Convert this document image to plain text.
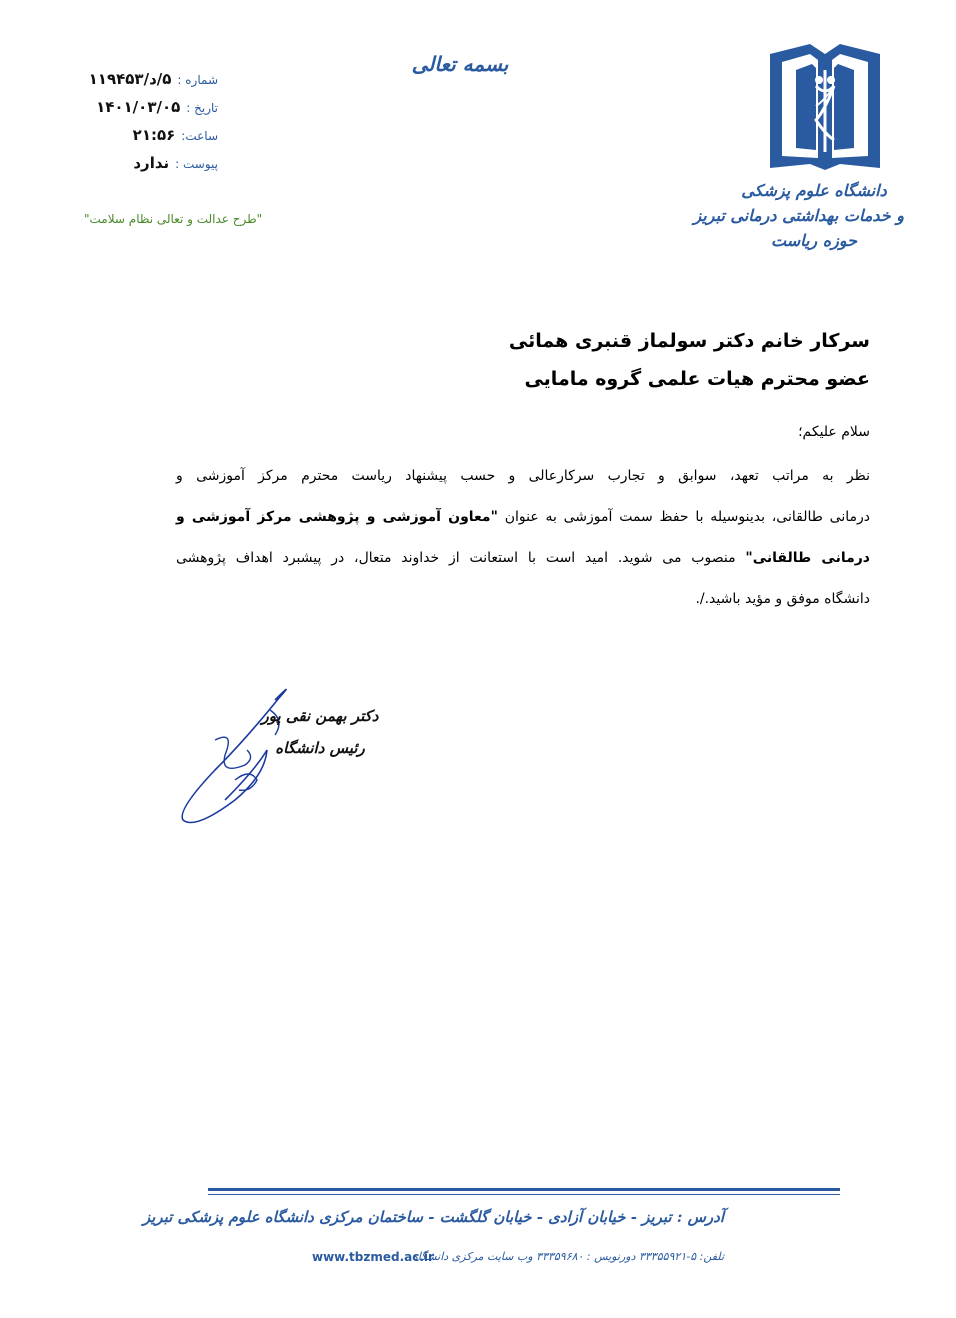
دانشگاه علوم پزشکی
و خدمات بهداشتی درمانی تبریز
حوزه ریاست
بسمه تعالی
شماره :
۵/د/۱۱۹۴۵۳
تاریخ :
۱۴۰۱/۰۳/۰۵
ساعت:
۲۱:۵۶
پیوست :
ندارد
"طرح عدالت و تعالی نظام سلامت"
سرکار خانم دکتر سولماز قنبری همائی
عضو محترم هیات علمی گروه مامایی
سلام علیکم؛
نظر به مراتب تعهد، سوابق و تجارب سرکارعالی و حسب پیشنهاد ریاست محترم مرکز آموزشی و
درمانی طالقانی، بدینوسیله با حفظ سمت آموزشی به عنوان "معاون آموزشی و پژوهشی مرکز آموزشی و
درمانی طالقانی" منصوب می شوید. امید است با استعانت از خداوند متعال، در پیشبرد اهداف پژوهشی
دانشگاه موفق و مؤید باشید./.
دکتر بهمن نقی پور
رئیس دانشگاه
آدرس : تبریز - خیابان آزادی - خیابان گلگشت - ساختمان مرکزی دانشگاه علوم پزشکی تبریز
تلفن: ۵-۳۳۳۵۵۹۲۱ دورنویس : ۳۳۳۵۹۶۸۰ وب سایت مرکزی دانشگاه
www.tbzmed.ac.ir
